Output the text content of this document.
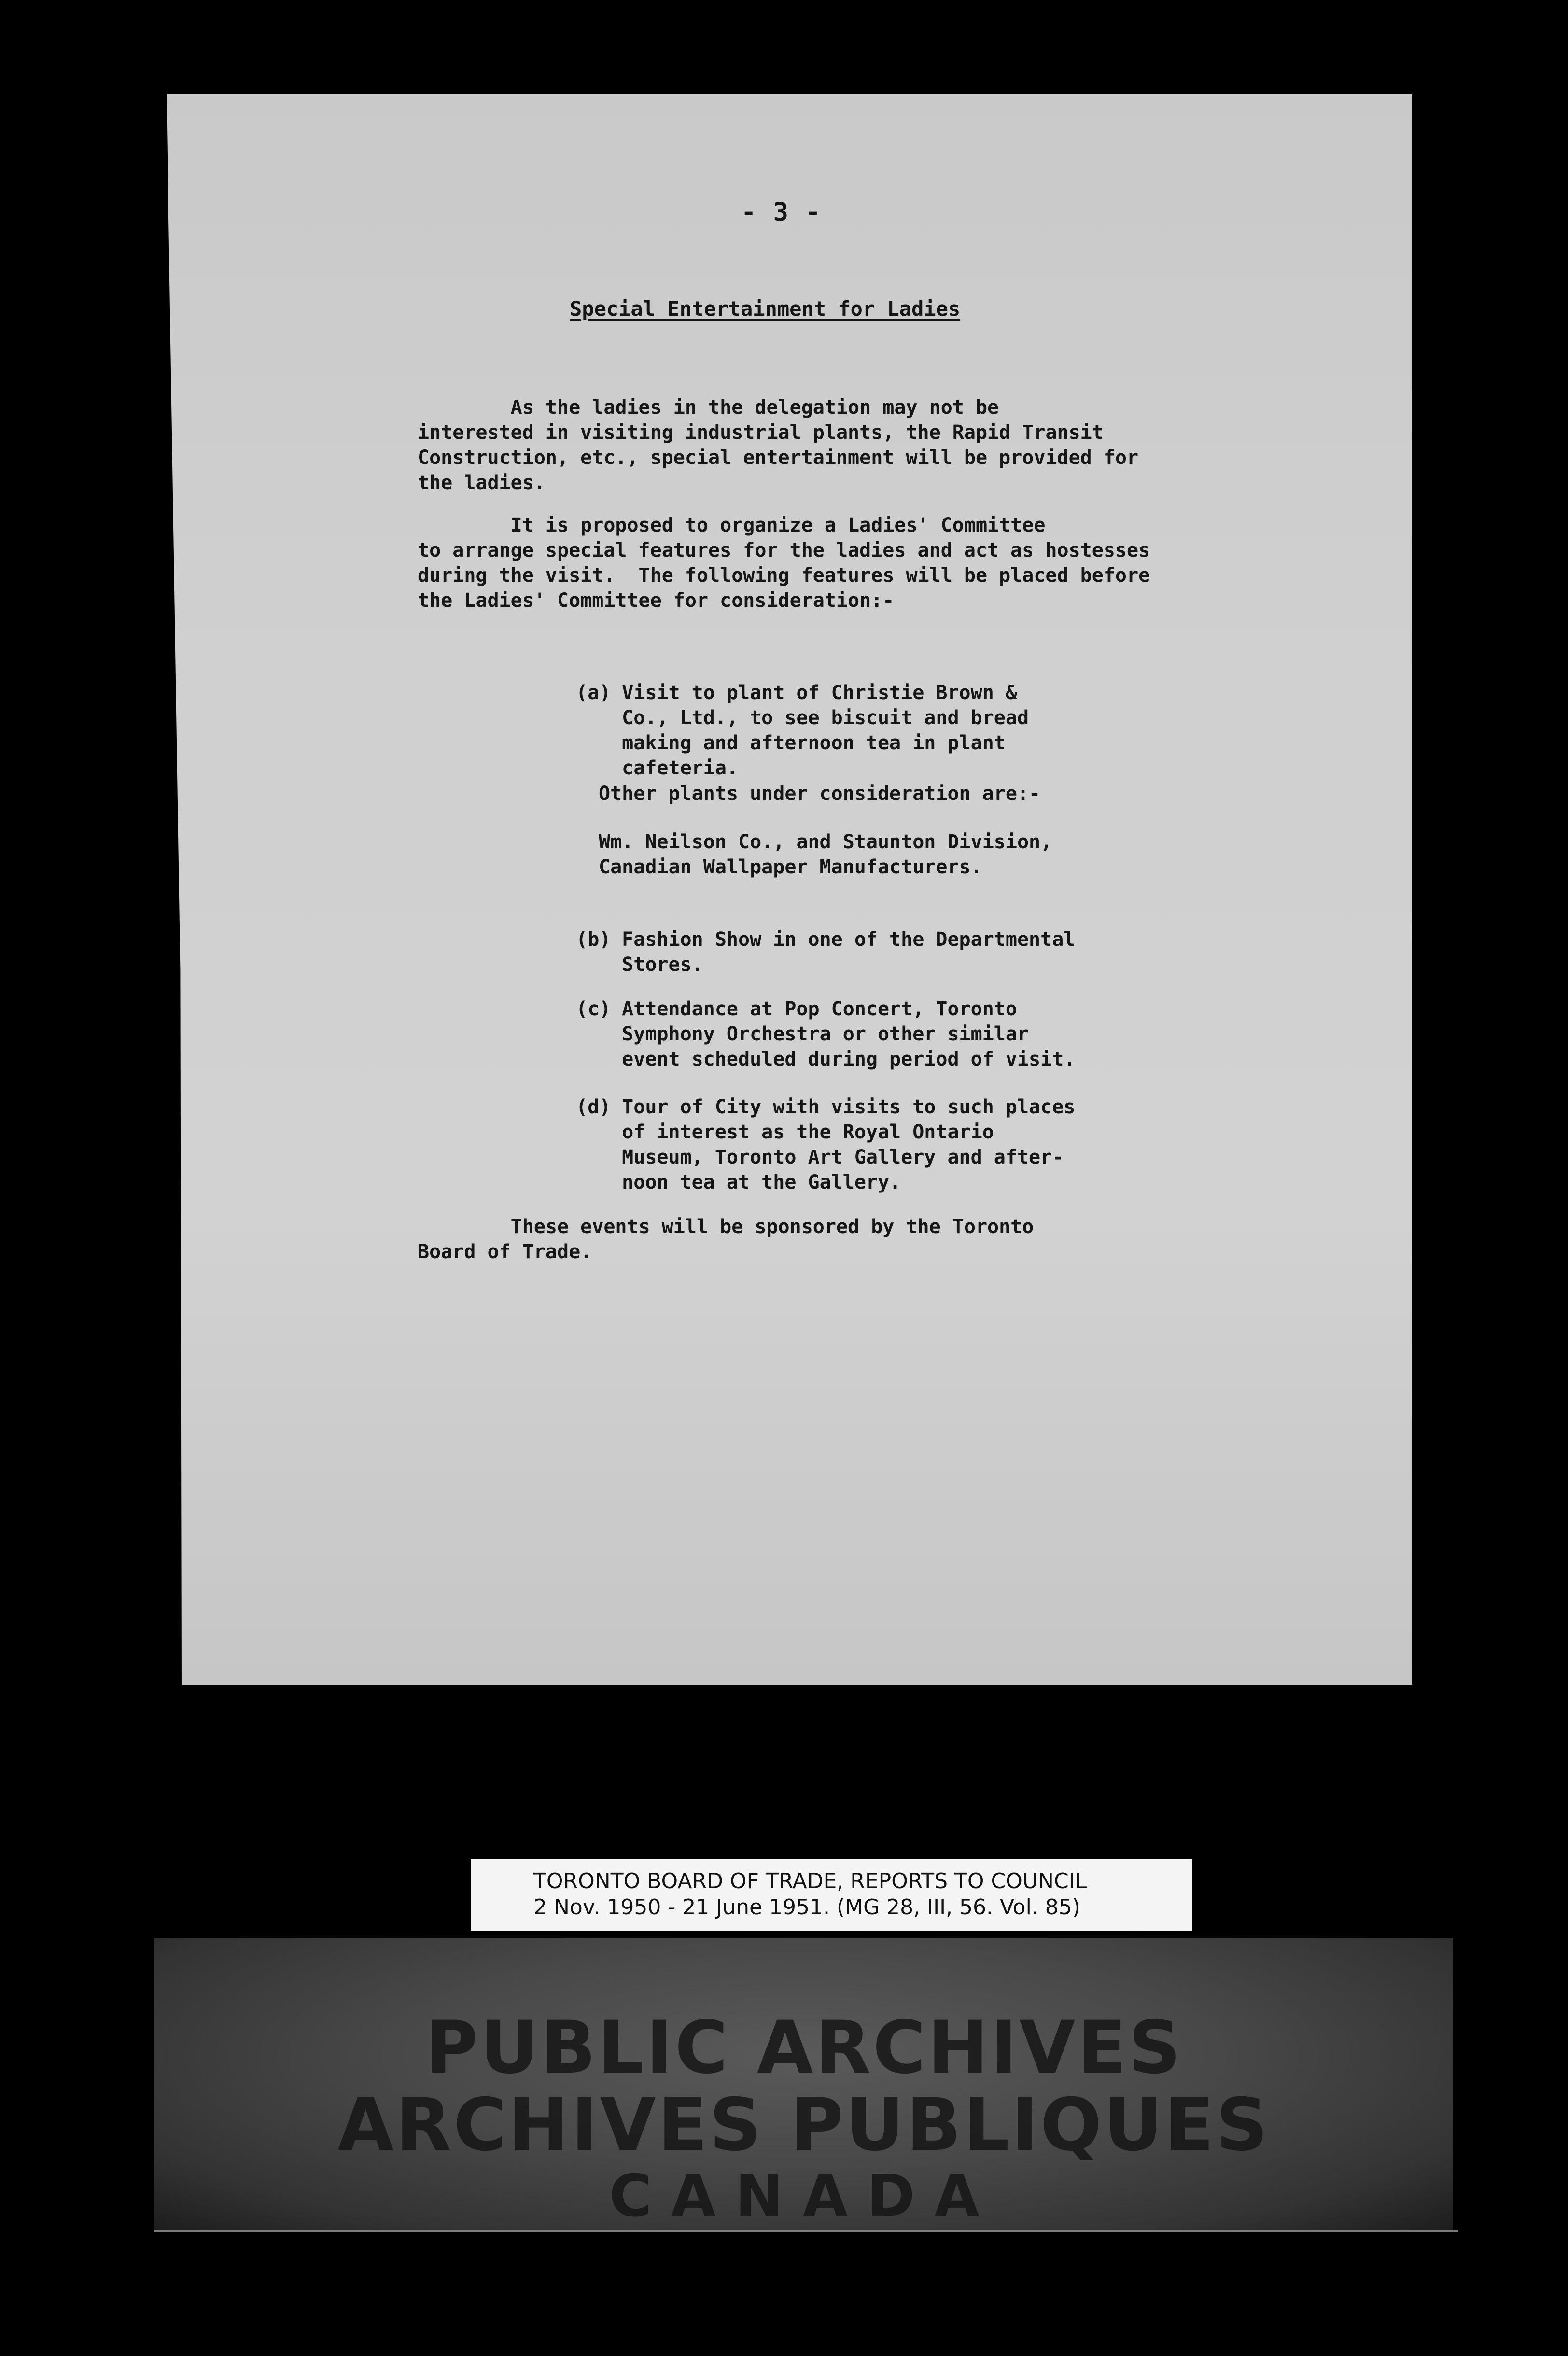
- 3 -
Special Entertainment for Ladies

As the ladies in the delegation may not be
interested in visiting industrial plants, the Rapid Transit
Construction, etc., special entertainment will be provided for
the ladies.

It is proposed to organize a Ladies' Committee
to arrange special features for the ladies and act as hostesses
during the visit.  The following features will be placed before
the Ladies' Committee for consideration:-

(a) Visit to plant of Christie Brown &
Co., Ltd., to see biscuit and bread
making and afternoon tea in plant
cafeteria.

Other plants under consideration are:-
Wm. Neilson Co., and Staunton Division,
Canadian Wallpaper Manufacturers.

(b) Fashion Show in one of the Departmental
Stores.

(c) Attendance at Pop Concert, Toronto
Symphony Orchestra or other similar
event scheduled during period of visit.

(d) Tour of City with visits to such places
of interest as the Royal Ontario
Museum, Toronto Art Gallery and after-
noon tea at the Gallery.

These events will be sponsored by the Toronto
Board of Trade.

TORONTO BOARD OF TRADE, REPORTS TO COUNCIL
2 Nov. 1950 - 21 June 1951. (MG 28, III, 56. Vol. 85)
PUBLIC ARCHIVES
ARCHIVES PUBLIQUES
CANADA
